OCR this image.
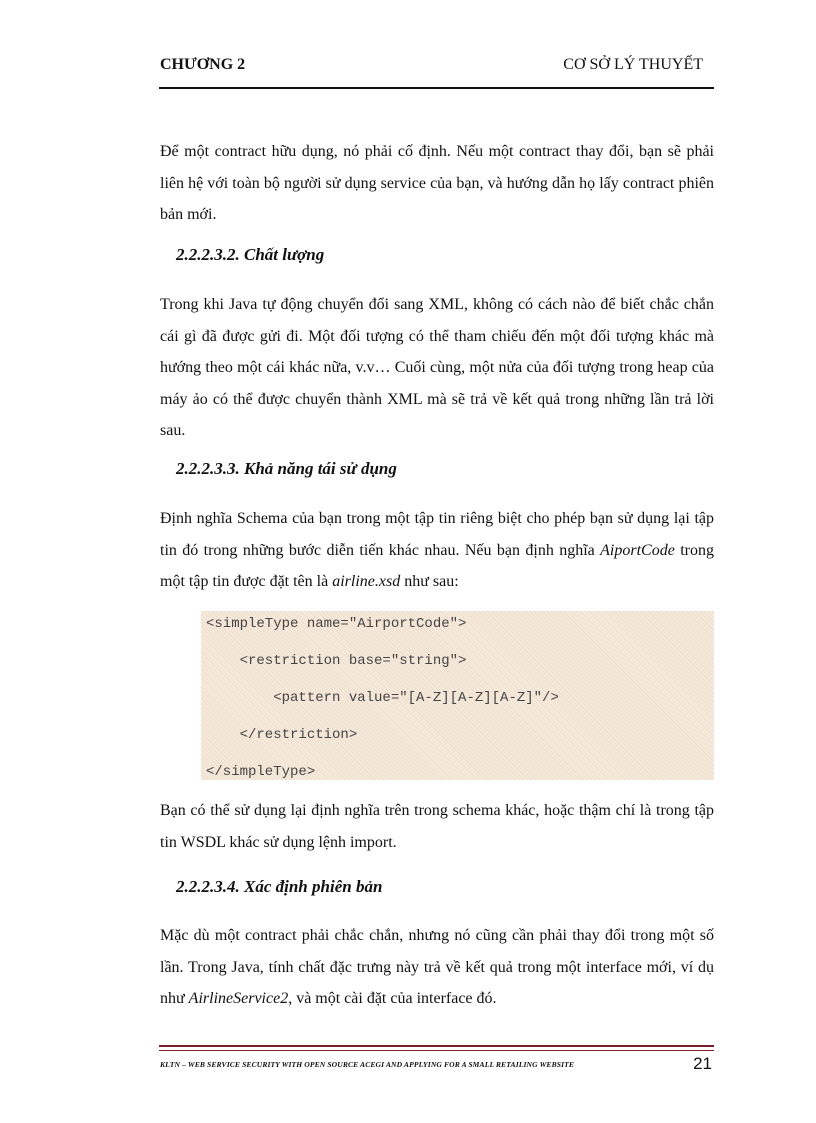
CHƯƠNG 2	CƠ SỞ LÝ THUYẾT
Để một contract hữu dụng, nó phải cố định. Nếu một contract thay đổi, bạn sẽ phải liên hệ với toàn bộ người sử dụng service của bạn, và hướng dẫn họ lấy contract phiên bản mới.
2.2.2.3.2. Chất lượng
Trong khi Java tự động chuyển đổi sang XML, không có cách nào để biết chắc chắn cái gì đã được gửi đi. Một đối tượng có thể tham chiếu đến một đối tượng khác mà hướng theo một cái khác nữa, v.v… Cuối cùng, một nửa của đối tượng trong heap của máy ảo có thể được chuyển thành XML mà sẽ trả về kết quả trong những lần trả lời sau.
2.2.2.3.3. Khả năng tái sử dụng
Định nghĩa Schema của bạn trong một tập tin riêng biệt cho phép bạn sử dụng lại tập tin đó trong những bước diễn tiến khác nhau. Nếu bạn định nghĩa AiportCode trong một tập tin được đặt tên là airline.xsd như sau:
<simpleType name="AirportCode">
<restriction base="string">
<pattern value="[A-Z][A-Z][A-Z]"/>
</restriction>
</simpleType>
Bạn có thể sử dụng lại định nghĩa trên trong schema khác, hoặc thậm chí là trong tập tin WSDL khác sử dụng lệnh import.
2.2.2.3.4. Xác định phiên bản
Mặc dù một contract phải chắc chắn, nhưng nó cũng cần phải thay đổi trong một số lần. Trong Java, tính chất đặc trưng này trả về kết quả trong một interface mới, ví dụ như AirlineService2, và một cài đặt của interface đó.
KLTN – WEB SERVICE SECURITY WITH OPEN SOURCE ACEGI AND APPLYING FOR A SMALL RETAILING WEBSITE	21
